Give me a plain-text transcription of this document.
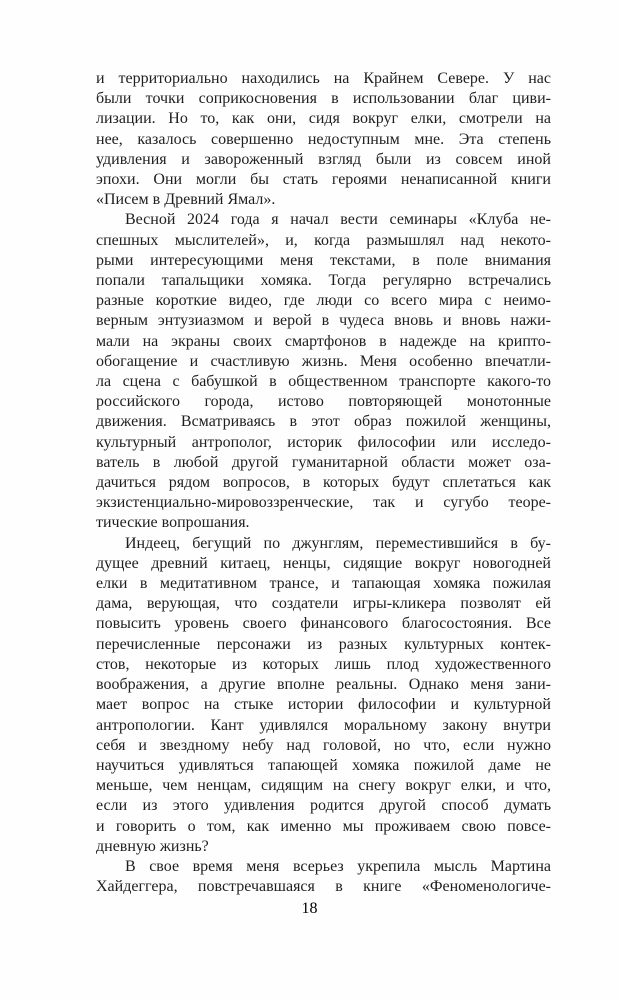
и территориально находились на Крайнем Севере. У нас
были точки соприкосновения в использовании благ циви-
лизации. Но то, как они, сидя вокруг елки, смотрели на
нее, казалось совершенно недоступным мне. Эта степень
удивления и завороженный взгляд были из совсем иной
эпохи. Они могли бы стать героями ненаписанной книги
«Писем в Древний Ямал».
Весной 2024 года я начал вести семинары «Клуба не-
спешных мыслителей», и, когда размышлял над некото-
рыми интересующими меня текстами, в поле внимания
попали тапальщики хомяка. Тогда регулярно встречались
разные короткие видео, где люди со всего мира с неимо-
верным энтузиазмом и верой в чудеса вновь и вновь нажи-
мали на экраны своих смартфонов в надежде на крипто-
обогащение и счастливую жизнь. Меня особенно впечатли-
ла сцена с бабушкой в общественном транспорте какого-то
российского города, истово повторяющей монотонные
движения. Всматриваясь в этот образ пожилой женщины,
культурный антрополог, историк философии или исследо-
ватель в любой другой гуманитарной области может оза-
дачиться рядом вопросов, в которых будут сплетаться как
экзистенциально-мировоззренческие, так и сугубо теоре-
тические вопрошания.
Индеец, бегущий по джунглям, переместившийся в бу-
дущее древний китаец, ненцы, сидящие вокруг новогодней
елки в медитативном трансе, и тапающая хомяка пожилая
дама, верующая, что создатели игры-кликера позволят ей
повысить уровень своего финансового благосостояния. Все
перечисленные персонажи из разных культурных контек-
стов, некоторые из которых лишь плод художественного
воображения, а другие вполне реальны. Однако меня зани-
мает вопрос на стыке истории философии и культурной
антропологии. Кант удивлялся моральному закону внутри
себя и звездному небу над головой, но что, если нужно
научиться удивляться тапающей хомяка пожилой даме не
меньше, чем ненцам, сидящим на снегу вокруг елки, и что,
если из этого удивления родится другой способ думать
и говорить о том, как именно мы проживаем свою повсе-
дневную жизнь?
В свое время меня всерьез укрепила мысль Мартина
Хайдеггера, повстречавшаяся в книге «Феноменологиче-
18
